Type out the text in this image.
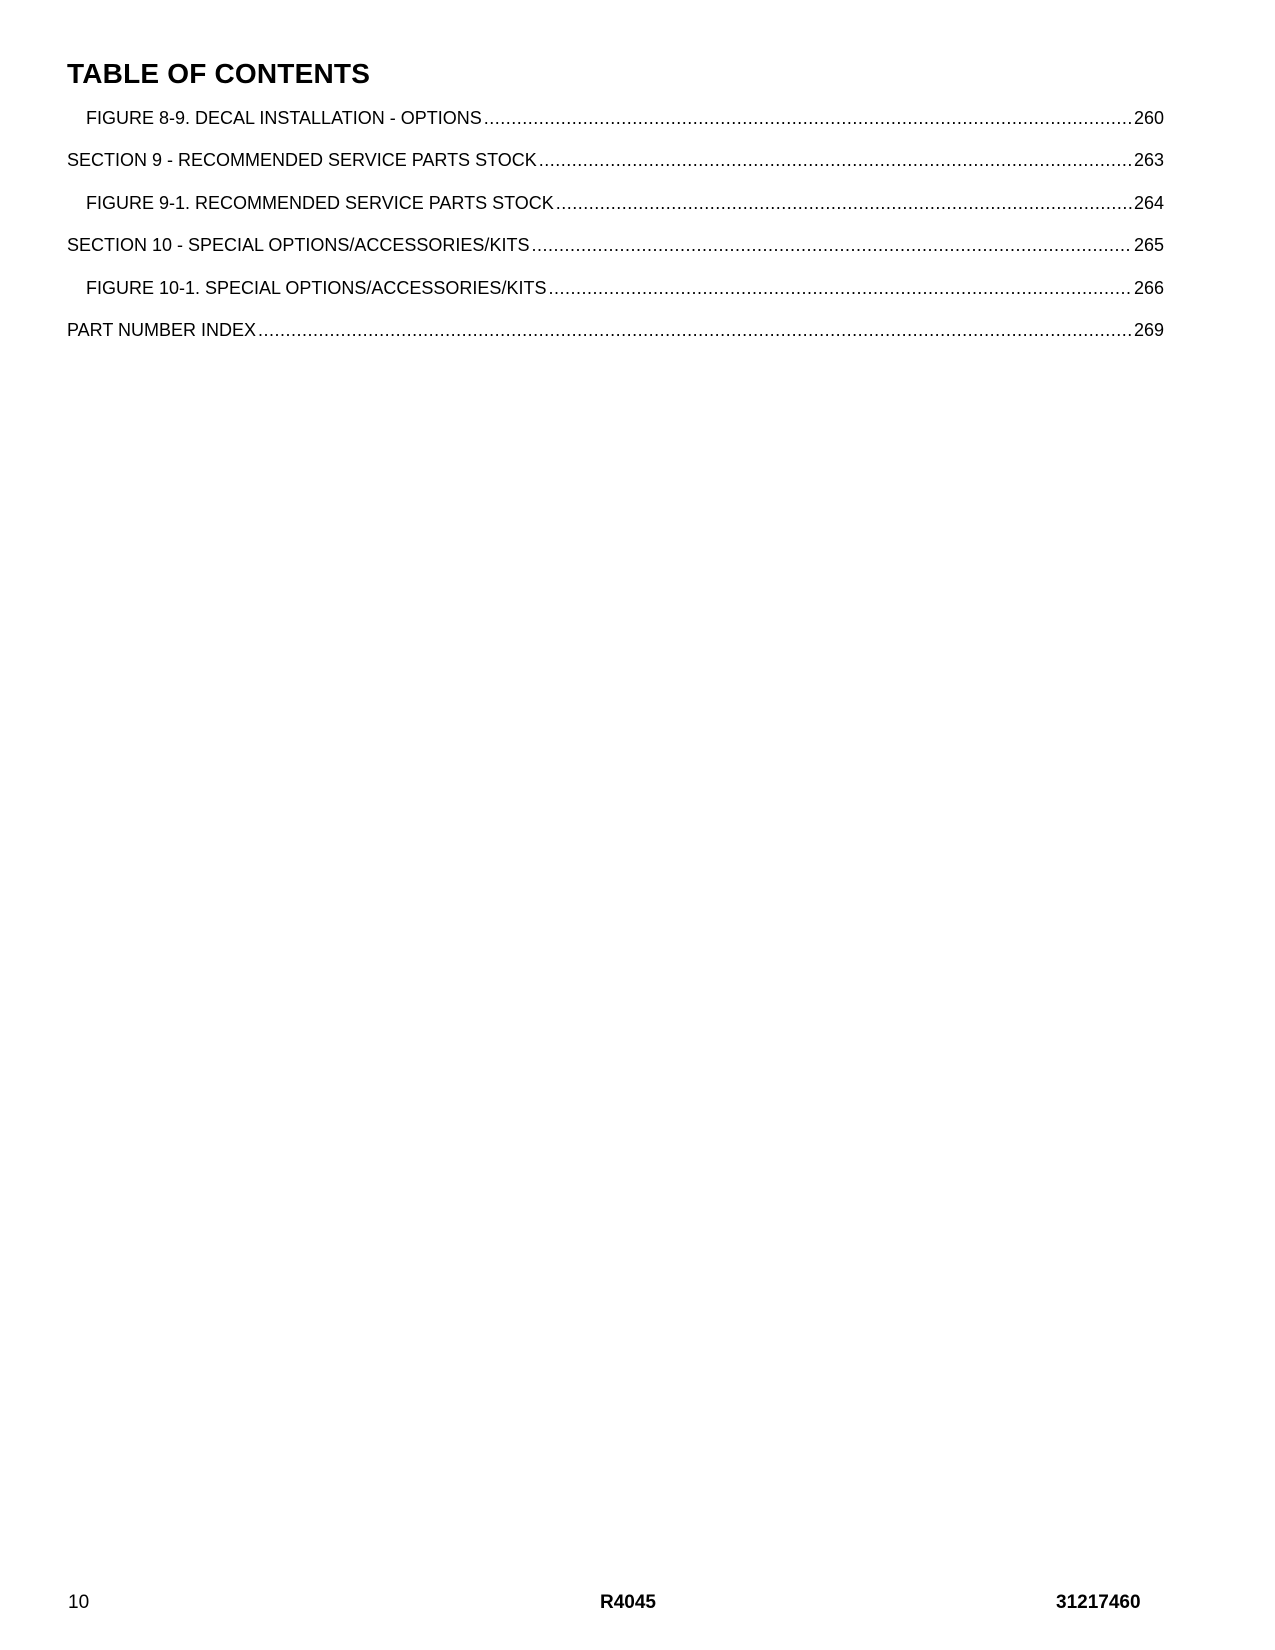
TABLE OF CONTENTS
FIGURE 8-9. DECAL INSTALLATION - OPTIONS .....	260
SECTION 9 - RECOMMENDED SERVICE PARTS STOCK .....	263
FIGURE 9-1. RECOMMENDED SERVICE PARTS STOCK .....	264
SECTION 10 - SPECIAL OPTIONS/ACCESSORIES/KITS .....	265
FIGURE 10-1. SPECIAL OPTIONS/ACCESSORIES/KITS .....	266
PART NUMBER INDEX .....	269
10	R4045	31217460
